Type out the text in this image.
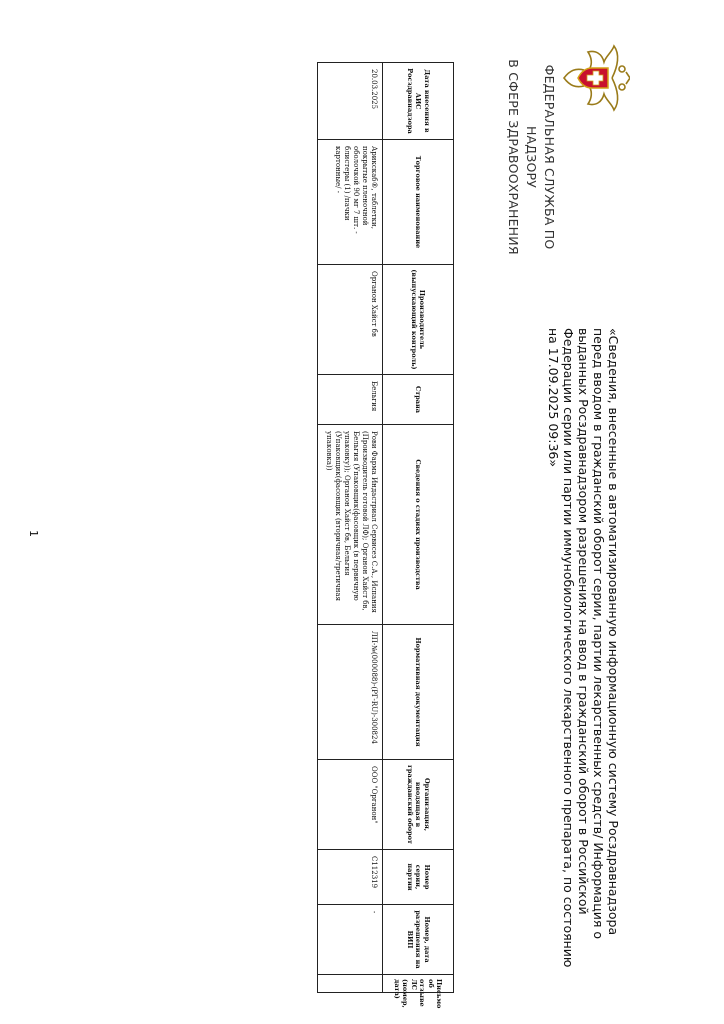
ФЕДЕРАЛЬНАЯ СЛУЖБА ПО НАДЗОРУ
В СФЕРЕ ЗДРАВООХРАНЕНИЯ
«Сведения, внесенные в автоматизированную информационную систему Росздравнадзора перед вводом в гражданский оборот серии, партии лекарственных средств/ Информация о выданных Росздравнадзором разрешениях на ввод в гражданский оборот в Российской Федерации серии или партии иммунобиологического лекарственного препарата, по состоянию на 17.09.2025 09:36»
Дата внесения в АИС Росздравнадзора	Торговое наименование	Производитель (выпускающий контроль)	Страна	Сведения о стадиях производства	Нормативная документация	Организация, вводящая в гражданский оборот	Номер серии, партии	Номер, дата разрешения на ВИП	Письмо об отзыве ЛС (номер, дата)
20.03.2025	Арикскаб®, таблетки, покрытые пленочной оболочкой 90 мг 7 шт. - блистеры (1) /пачки картонные/ -	Органон Хайст бв	Бельгия	Рови Фарма Индастриал Сервисез С.А., Испания (Производитель готовой ЛФ); Органон Хайст бв, Бельгия (Упаковщик(фасовщик (в первичную упаковку)); Органон Хайст бв, Бельгия (Упаковщик(фасовщик (вторичная/третичная упаковка))	ЛП-№(000088)-(РГ-RU)-300824	ООО "Органон"	C112319	-	
1
